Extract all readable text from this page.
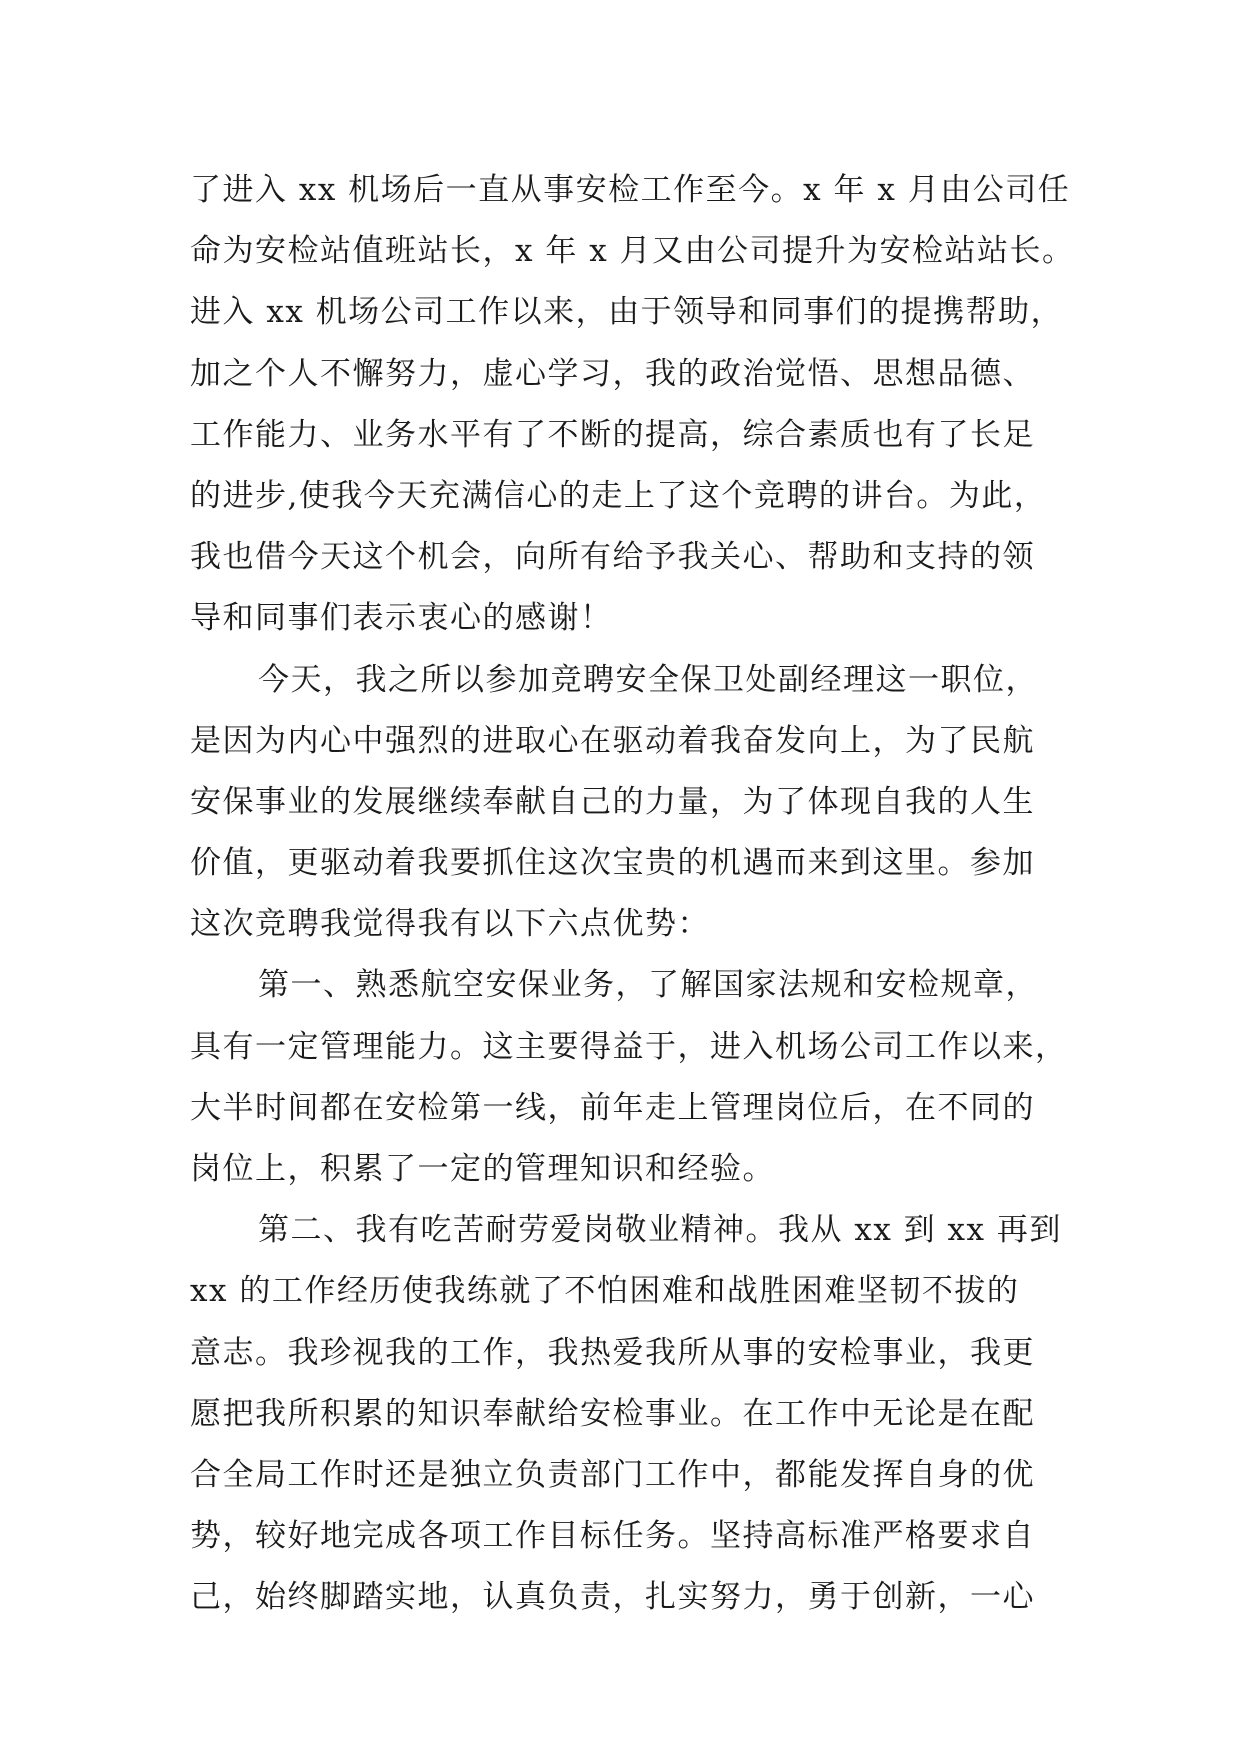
了进入 xx 机场后一直从事安检工作至今。x 年 x 月由公司任
命为安检站值班站长，x 年 x 月又由公司提升为安检站站长。
进入 xx 机场公司工作以来，由于领导和同事们的提携帮助，
加之个人不懈努力，虚心学习，我的政治觉悟、思想品德、
工作能力、业务水平有了不断的提高，综合素质也有了长足
的进步,使我今天充满信心的走上了这个竞聘的讲台。为此，
我也借今天这个机会，向所有给予我关心、帮助和支持的领
导和同事们表示衷心的感谢！

今天，我之所以参加竞聘安全保卫处副经理这一职位，
是因为内心中强烈的进取心在驱动着我奋发向上，为了民航
安保事业的发展继续奉献自己的力量，为了体现自我的人生
价值，更驱动着我要抓住这次宝贵的机遇而来到这里。参加
这次竞聘我觉得我有以下六点优势：

第一、熟悉航空安保业务，了解国家法规和安检规章，
具有一定管理能力。这主要得益于，进入机场公司工作以来，
大半时间都在安检第一线，前年走上管理岗位后，在不同的
岗位上，积累了一定的管理知识和经验。

第二、我有吃苦耐劳爱岗敬业精神。我从 xx 到 xx 再到
xx 的工作经历使我练就了不怕困难和战胜困难坚韧不拔的
意志。我珍视我的工作，我热爱我所从事的安检事业，我更
愿把我所积累的知识奉献给安检事业。在工作中无论是在配
合全局工作时还是独立负责部门工作中，都能发挥自身的优
势，较好地完成各项工作目标任务。坚持高标准严格要求自
己，始终脚踏实地，认真负责，扎实努力，勇于创新，一心
